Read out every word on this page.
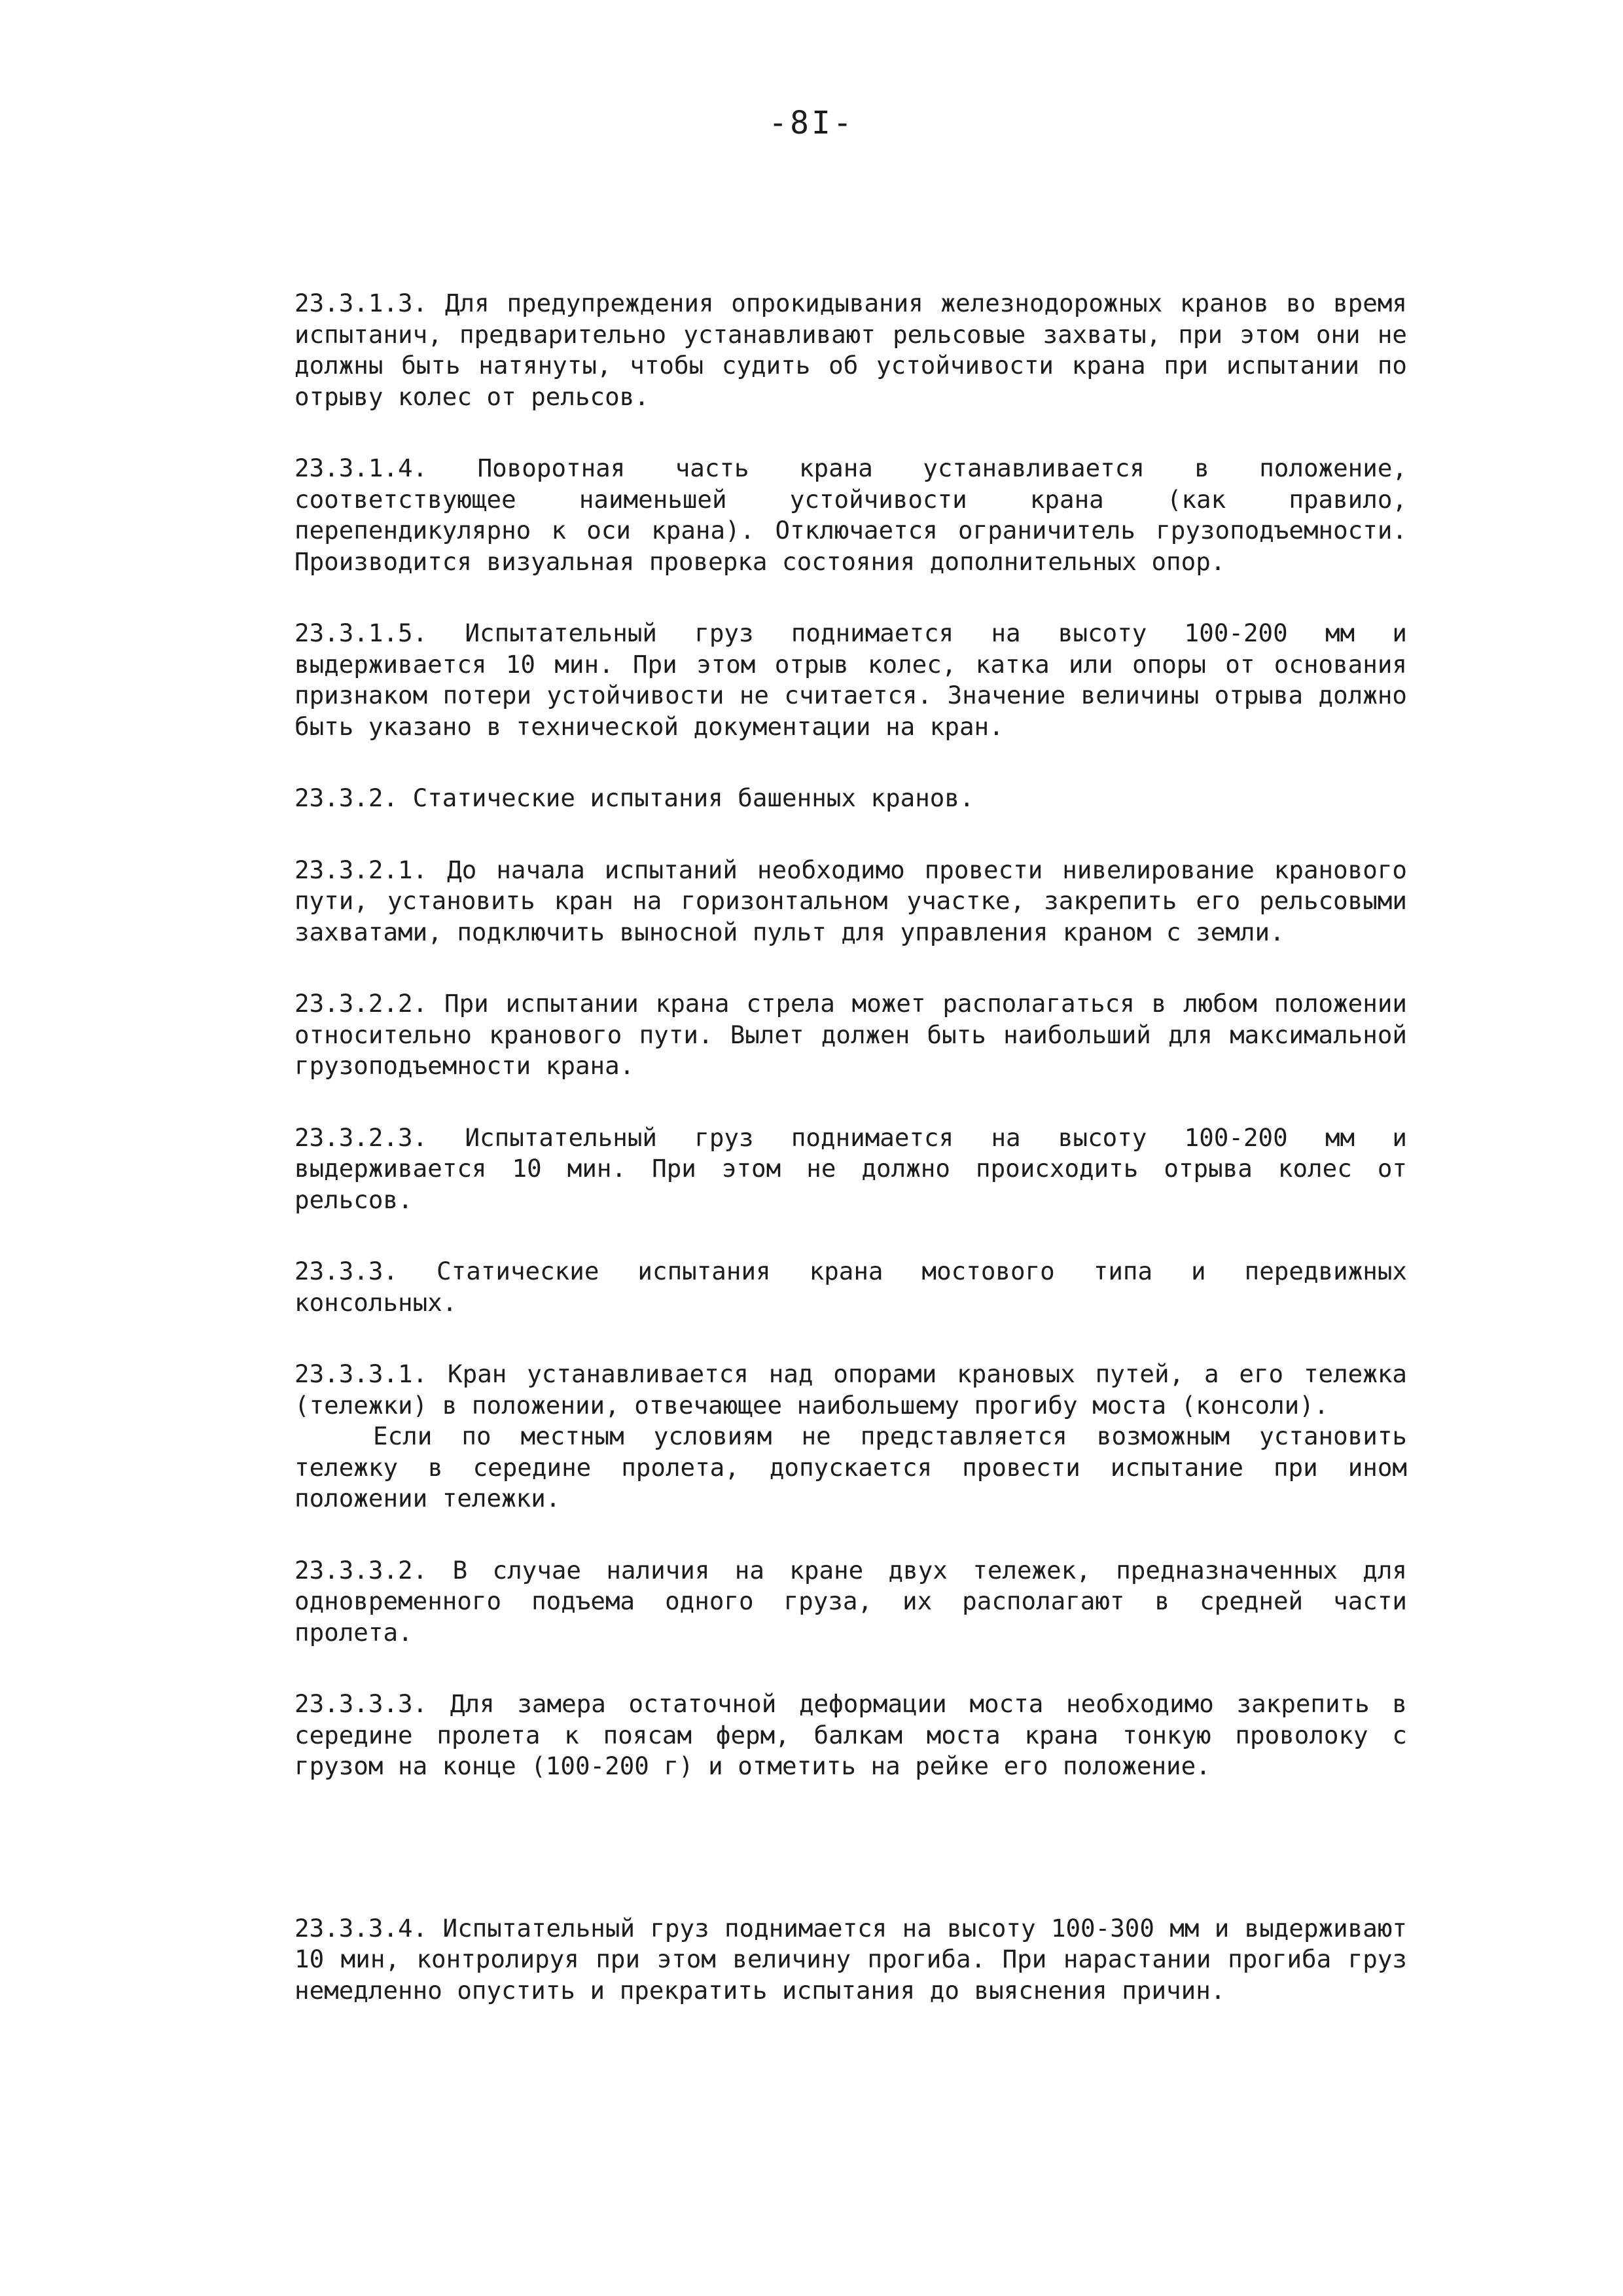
-8I-

23.3.1.3. Для предупреждения опрокидывания железнодорожных кранов во время испытанич, предварительно устанавливают рельсовые захваты, при этом они не должны быть натянуты, чтобы судить об устойчивости крана при испытании по отрыву колес от рельсов.

23.3.1.4. Поворотная часть крана устанавливается в положение, соответствующее наименьшей устойчивости крана (как правило, перепендикулярно к оси крана). Отключается ограничитель грузоподъемности. Производится визуальная проверка состояния дополнительных опор.

23.3.1.5. Испытательный груз поднимается на высоту 100-200 мм и выдерживается 10 мин. При этом отрыв колес, катка или опоры от основания признаком потери устойчивости не считается. Значение величины отрыва должно быть указано в технической документации на кран.

23.3.2. Статические испытания башенных кранов.

23.3.2.1. До начала испытаний необходимо провести нивелирование кранового пути, установить кран на горизонтальном участке, закрепить его рельсовыми захватами, подключить выносной пульт для управления краном с земли.

23.3.2.2. При испытании крана стрела может располагаться в любом положении относительно кранового пути. Вылет должен быть наибольший для максимальной грузоподъемности крана.

23.3.2.3. Испытательный груз поднимается на высоту 100-200 мм и выдерживается 10 мин. При этом не должно происходить отрыва колес от рельсов.

23.3.3. Статические испытания крана мостового типа и передвижных консольных.

23.3.3.1. Кран устанавливается над опорами крановых путей, а его тележка (тележки) в положении, отвечающее наибольшему прогибу моста (консоли).

Если по местным условиям не представляется возможным установить тележку в середине пролета, допускается провести испытание при ином положении тележки.

23.3.3.2. В случае наличия на кране двух тележек, предназначенных для одновременного подъема одного груза, их располагают в средней части пролета.

23.3.3.3. Для замера остаточной деформации моста необходимо закрепить в середине пролета к поясам ферм, балкам моста крана тонкую проволоку с грузом на конце (100-200 г) и отметить на рейке его положение.

23.3.3.4. Испытательный груз поднимается на высоту 100-300 мм и выдерживают 10 мин, контролируя при этом величину прогиба. При нарастании прогиба груз немедленно опустить и прекратить испытания до выяснения причин.
